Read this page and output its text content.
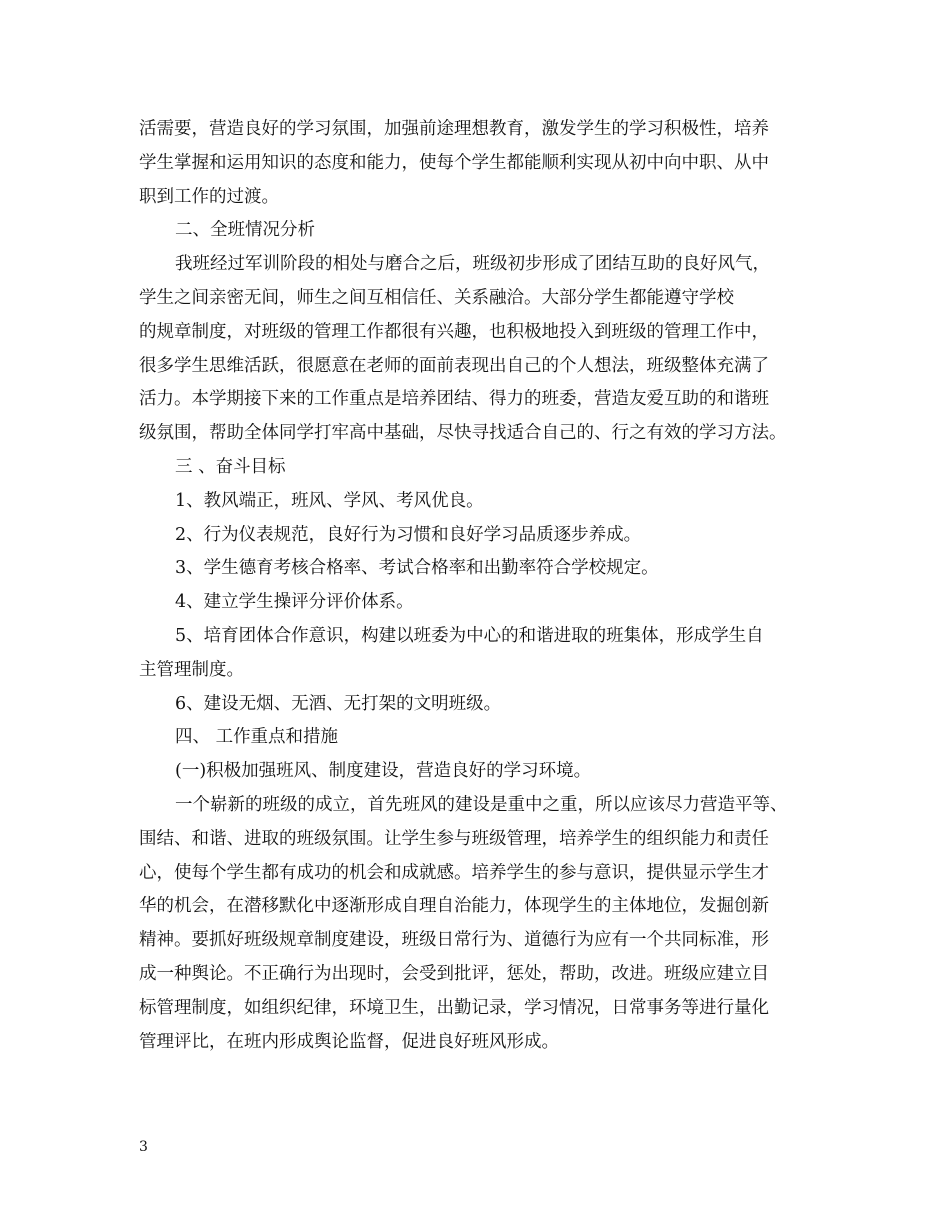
活需要，营造良好的学习氛围，加强前途理想教育，激发学生的学习积极性，培养

学生掌握和运用知识的态度和能力，使每个学生都能顺利实现从初中向中职、从中

职到工作的过渡。

二、全班情况分析

我班经过军训阶段的相处与磨合之后，班级初步形成了团结互助的良好风气，

学生之间亲密无间，师生之间互相信任、关系融洽。大部分学生都能遵守学校

的规章制度，对班级的管理工作都很有兴趣，也积极地投入到班级的管理工作中，

很多学生思维活跃，很愿意在老师的面前表现出自己的个人想法，班级整体充满了

活力。本学期接下来的工作重点是培养团结、得力的班委，营造友爱互助的和谐班

级氛围，帮助全体同学打牢高中基础，尽快寻找适合自己的、行之有效的学习方法。

三 、奋斗目标

1、教风端正，班风、学风、考风优良。

2、行为仪表规范，良好行为习惯和良好学习品质逐步养成。

3、学生德育考核合格率、考试合格率和出勤率符合学校规定。

4、建立学生操评分评价体系。

5、培育团体合作意识，构建以班委为中心的和谐进取的班集体，形成学生自

主管理制度。

6、建设无烟、无酒、无打架的文明班级。

四、 工作重点和措施

(一)积极加强班风、制度建设，营造良好的学习环境。

一个崭新的班级的成立，首先班风的建设是重中之重，所以应该尽力营造平等、

围结、和谐、进取的班级氛围。让学生参与班级管理，培养学生的组织能力和责任

心，使每个学生都有成功的机会和成就感。培养学生的参与意识，提供显示学生才

华的机会，在潜移默化中逐渐形成自理自治能力，体现学生的主体地位，发掘创新

精神。要抓好班级规章制度建设，班级日常行为、道德行为应有一个共同标准，形

成一种舆论。不正确行为出现时，会受到批评，惩处，帮助，改进。班级应建立目

标管理制度，如组织纪律，环境卫生，出勤记录，学习情况，日常事务等进行量化

管理评比，在班内形成舆论监督，促进良好班风形成。

3
